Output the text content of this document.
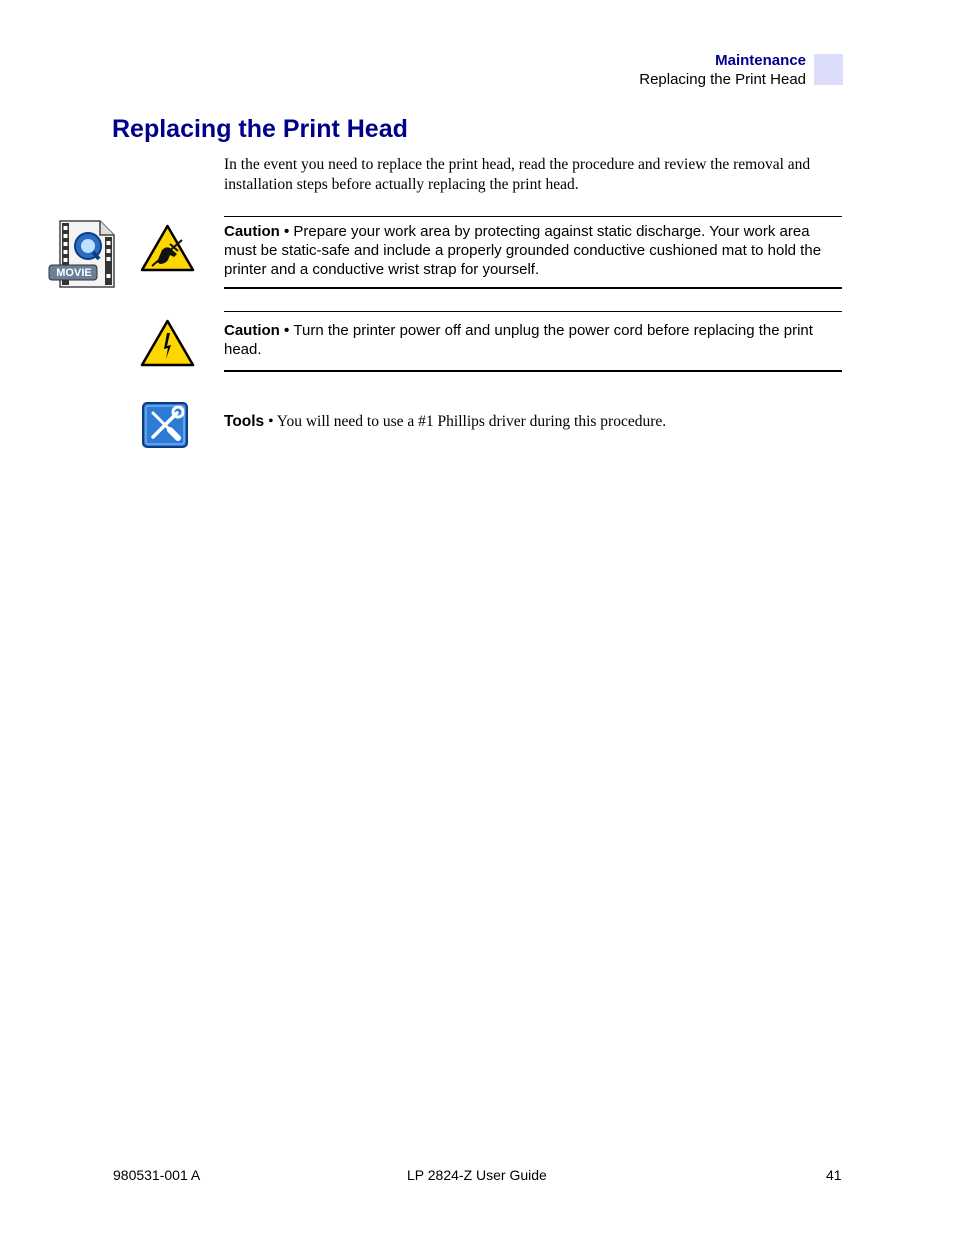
Maintenance
Replacing the Print Head
Replacing the Print Head

In the event you need to replace the print head, read the procedure and review the removal and installation steps before actually replacing the print head.

MOVIE
Caution • Prepare your work area by protecting against static discharge. Your work area must be static-safe and include a properly grounded conductive cushioned mat to hold the printer and a conductive wrist strap for yourself.
Caution • Turn the printer power off and unplug the power cord before replacing the print head.
Tools • You will need to use a #1 Phillips driver during this procedure.
980531-001 A	LP 2824-Z User Guide	41
